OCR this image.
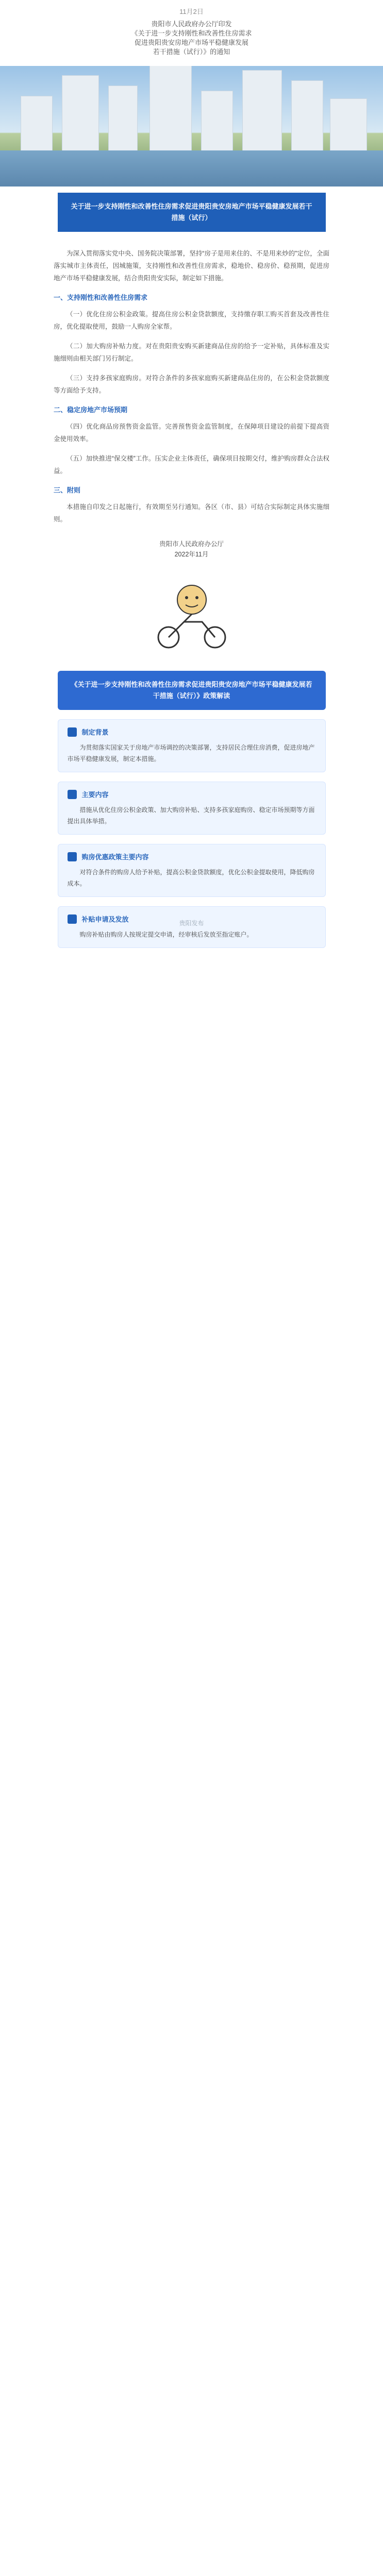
11月2日

贵阳市人民政府办公厅印发

《关于进一步支持刚性和改善性住房需求

促进贵阳贵安房地产市场平稳健康发展

若干措施（试行）》的通知

关于进一步支持刚性和改善性住房需求促进贵阳贵安房地产市场平稳健康发展若干措施（试行）

为深入贯彻落实党中央、国务院决策部署，坚持“房子是用来住的、不是用来炒的”定位，全面落实城市主体责任，因城施策，支持刚性和改善性住房需求，稳地价、稳房价、稳预期，促进房地产市场平稳健康发展，结合贵阳贵安实际，制定如下措施。

一、支持刚性和改善性住房需求

（一）优化住房公积金政策。提高住房公积金贷款额度，支持缴存职工购买首套及改善性住房，优化提取使用，鼓励一人购房全家帮。

（二）加大购房补贴力度。对在贵阳贵安购买新建商品住房的给予一定补贴，具体标准及实施细则由相关部门另行制定。

（三）支持多孩家庭购房。对符合条件的多孩家庭购买新建商品住房的，在公积金贷款额度等方面给予支持。

二、稳定房地产市场预期

（四）优化商品房预售资金监管。完善预售资金监管制度，在保障项目建设的前提下提高资金使用效率。

（五）加快推进“保交楼”工作。压实企业主体责任，确保项目按期交付，维护购房群众合法权益。

三、附则

本措施自印发之日起施行，有效期至另行通知。各区（市、县）可结合实际制定具体实施细则。

贵阳市人民政府办公厅
2022年11月
《关于进一步支持刚性和改善性住房需求促进贵阳贵安房地产市场平稳健康发展若干措施（试行）》政策解读
制定背景

为贯彻落实国家关于房地产市场调控的决策部署，支持居民合理住房消费，促进房地产市场平稳健康发展，制定本措施。

主要内容

措施从优化住房公积金政策、加大购房补贴、支持多孩家庭购房、稳定市场预期等方面提出具体举措。

购房优惠政策主要内容

对符合条件的购房人给予补贴，提高公积金贷款额度，优化公积金提取使用，降低购房成本。

补贴申请及发放

购房补贴由购房人按规定提交申请，经审核后发放至指定账户。

贵阳发布
